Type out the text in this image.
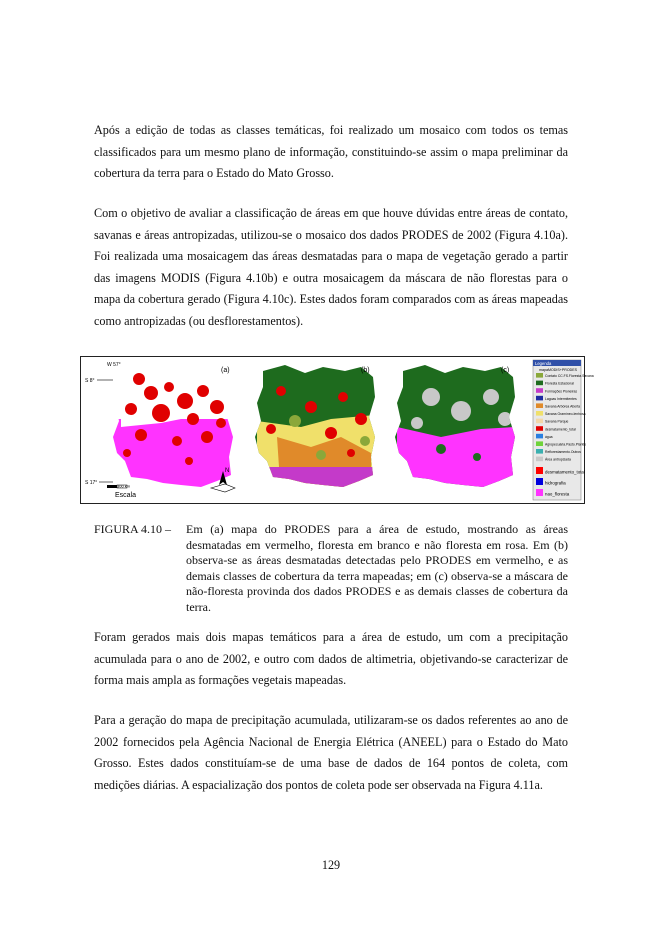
Após a edição de todas as classes temáticas, foi realizado um mosaico com todos os temas classificados para um mesmo plano de informação, constituindo-se assim o mapa preliminar da cobertura da terra para o Estado do Mato Grosso.

Com o objetivo de avaliar a classificação de áreas em que houve dúvidas entre áreas de contato, savanas e áreas antropizadas, utilizou-se o mosaico dos dados PRODES de 2002 (Figura 4.10a). Foi realizada uma mosaicagem das áreas desmatadas para o mapa de vegetação gerado a partir das imagens MODIS (Figura 4.10b) e outra mosaicagem da máscara de não florestas para o mapa da cobertura gerado (Figura 4.10c). Estes dados foram comparados com as áreas mapeadas como antropizadas (ou desflorestamentos).

(a)
W 57°
S 8°
S 17°	300 km
Escala
N
(b)	(c)
Legenda
mapaMODIS+PRODES
Contato CC.FS.Floresta.Savana
Floresta Estacional
Formações Pioneiras
Lagoas Intermitentes
Savana Arbórea Aberta
Savana Gramíneo-lenhosa
Savana Parque
desmatamento_total
água
Agropecuária.Pasto.Plantio
Reflorestamento.Outros
Área antropizada
desmatamento_total
hidrografia
nao_floresta
FIGURA 4.10 – Em (a) mapa do PRODES para a área de estudo, mostrando as áreas desmatadas em vermelho, floresta em branco e não floresta em rosa. Em (b) observa-se as áreas desmatadas detectadas pelo PRODES em vermelho, e as demais classes de cobertura da terra mapeadas; em (c) observa-se a máscara de não-floresta provinda dos dados PRODES e as demais classes de cobertura da terra.

Foram gerados mais dois mapas temáticos para a área de estudo, um com a precipitação acumulada para o ano de 2002, e outro com dados de altimetria, objetivando-se caracterizar de forma mais ampla as formações vegetais mapeadas.

Para a geração do mapa de precipitação acumulada, utilizaram-se os dados referentes ao ano de 2002 fornecidos pela Agência Nacional de Energia Elétrica (ANEEL) para o Estado do Mato Grosso. Estes dados constituíam-se de uma base de dados de 164 pontos de coleta, com medições diárias. A espacialização dos pontos de coleta pode ser observada na Figura 4.11a.

129
